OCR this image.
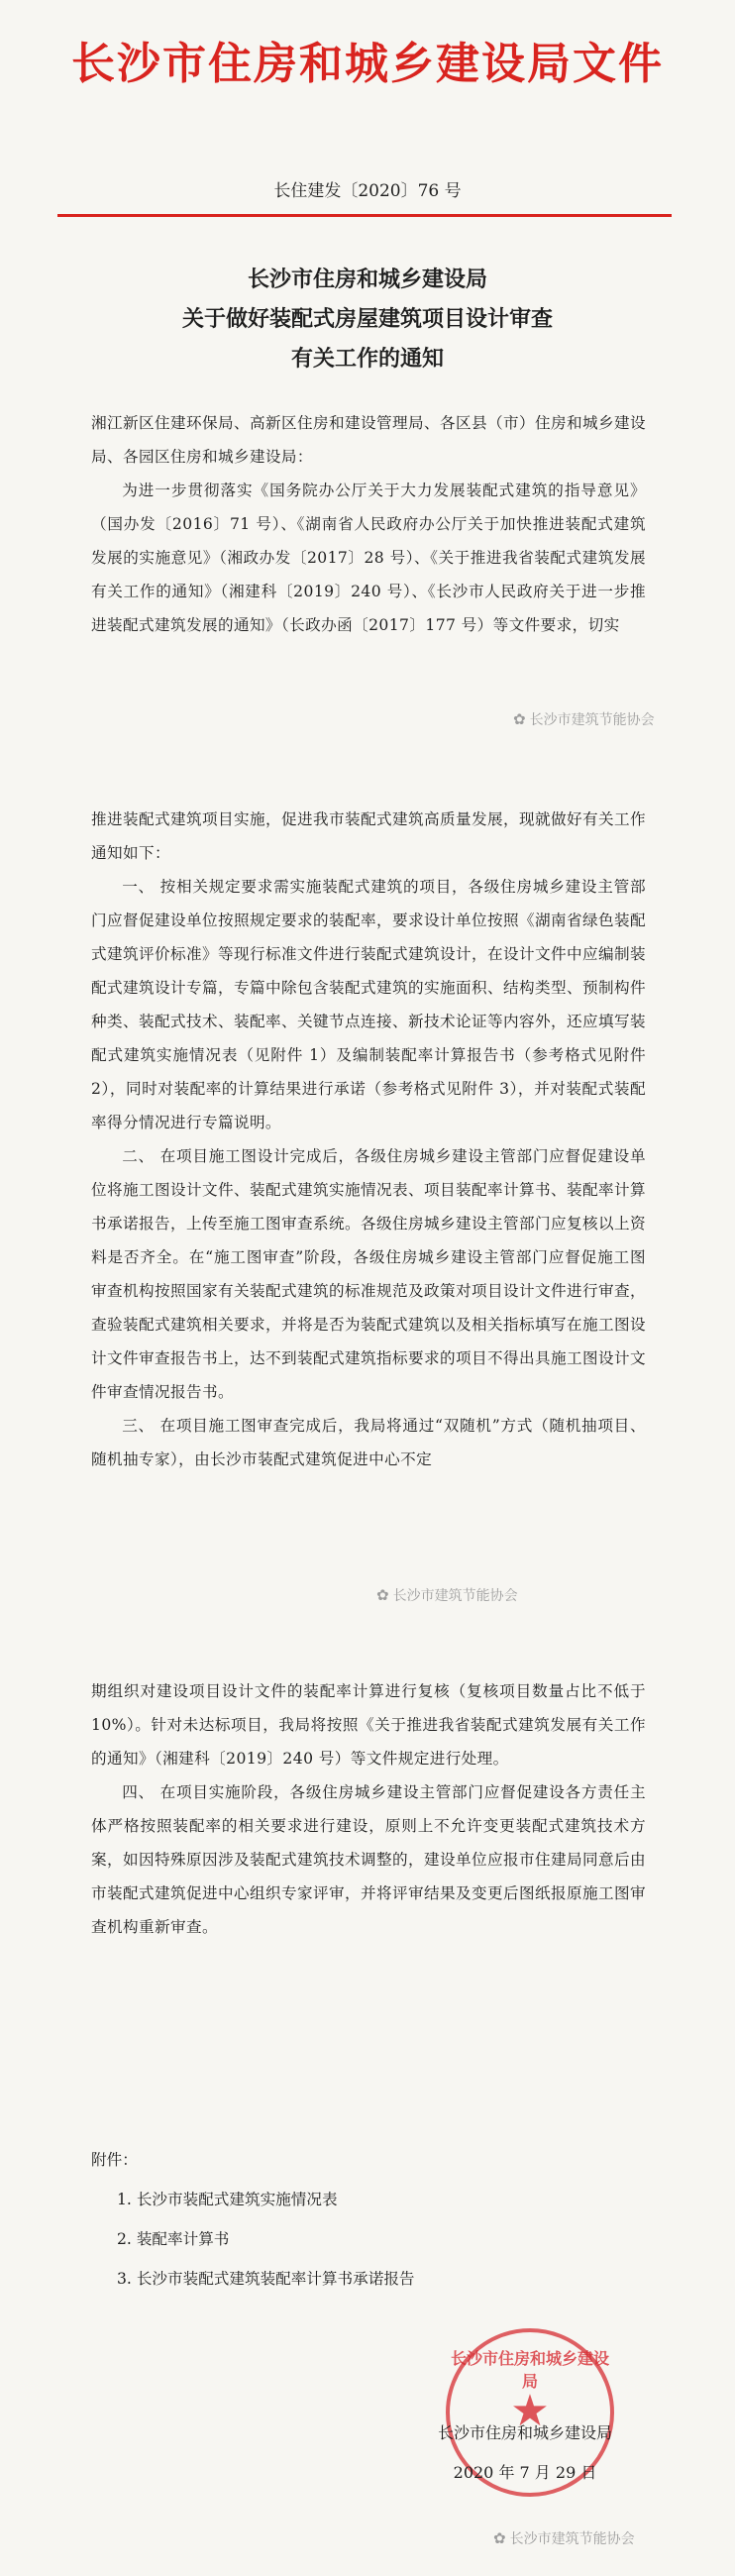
长沙市住房和城乡建设局文件
长住建发〔2020〕76 号
长沙市住房和城乡建设局
关于做好装配式房屋建筑项目设计审查
有关工作的通知

湘江新区住建环保局、高新区住房和建设管理局、各区县（市）住房和城乡建设局、各园区住房和城乡建设局：

为进一步贯彻落实《国务院办公厅关于大力发展装配式建筑的指导意见》（国办发〔2016〕71 号）、《湖南省人民政府办公厅关于加快推进装配式建筑发展的实施意见》（湘政办发〔2017〕28 号）、《关于推进我省装配式建筑发展有关工作的通知》（湘建科〔2019〕240 号）、《长沙市人民政府关于进一步推进装配式建筑发展的通知》（长政办函〔2017〕177 号）等文件要求，切实

✿ 长沙市建筑节能协会

推进装配式建筑项目实施，促进我市装配式建筑高质量发展，现就做好有关工作通知如下：

一、 按相关规定要求需实施装配式建筑的项目，各级住房城乡建设主管部门应督促建设单位按照规定要求的装配率，要求设计单位按照《湖南省绿色装配式建筑评价标准》等现行标准文件进行装配式建筑设计，在设计文件中应编制装配式建筑设计专篇，专篇中除包含装配式建筑的实施面积、结构类型、预制构件种类、装配式技术、装配率、关键节点连接、新技术论证等内容外，还应填写装配式建筑实施情况表（见附件 1）及编制装配率计算报告书（参考格式见附件 2），同时对装配率的计算结果进行承诺（参考格式见附件 3），并对装配式装配率得分情况进行专篇说明。

二、 在项目施工图设计完成后，各级住房城乡建设主管部门应督促建设单位将施工图设计文件、装配式建筑实施情况表、项目装配率计算书、装配率计算书承诺报告，上传至施工图审查系统。各级住房城乡建设主管部门应复核以上资料是否齐全。在“施工图审查”阶段，各级住房城乡建设主管部门应督促施工图审查机构按照国家有关装配式建筑的标准规范及政策对项目设计文件进行审查，查验装配式建筑相关要求，并将是否为装配式建筑以及相关指标填写在施工图设计文件审查报告书上，达不到装配式建筑指标要求的项目不得出具施工图设计文件审查情况报告书。

三、 在项目施工图审查完成后，我局将通过“双随机”方式（随机抽项目、随机抽专家），由长沙市装配式建筑促进中心不定

✿ 长沙市建筑节能协会

期组织对建设项目设计文件的装配率计算进行复核（复核项目数量占比不低于 10%）。针对未达标项目，我局将按照《关于推进我省装配式建筑发展有关工作的通知》（湘建科〔2019〕240 号）等文件规定进行处理。

四、 在项目实施阶段，各级住房城乡建设主管部门应督促建设各方责任主体严格按照装配率的相关要求进行建设，原则上不允许变更装配式建筑技术方案，如因特殊原因涉及装配式建筑技术调整的，建设单位应报市住建局同意后由市装配式建筑促进中心组织专家评审，并将评审结果及变更后图纸报原施工图审查机构重新审查。

附件：
1. 长沙市装配式建筑实施情况表
2. 装配率计算书
3. 长沙市装配式建筑装配率计算书承诺报告
长沙市住房和城乡建设局
★
长沙市住房和城乡建设局
2020 年 7 月 29 日
✿ 长沙市建筑节能协会
